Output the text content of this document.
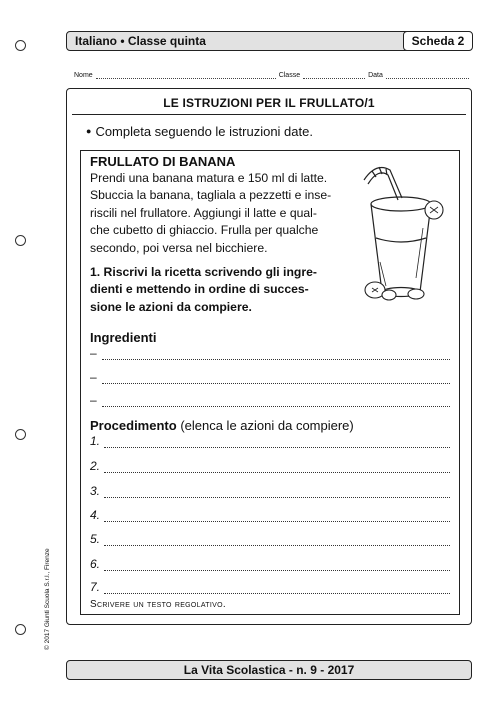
Italiano • Classe quinta	Scheda 2
Nome	Classe	Data
LE ISTRUZIONI PER IL FRULLATO/1
● Completa seguendo le istruzioni date.
FRULLATO DI BANANA
Prendi una banana matura e 150 ml di latte.
Sbuccia la banana, tagliala a pezzetti e inse-
riscili nel frullatore. Aggiungi il latte e qual-
che cubetto di ghiaccio. Frulla per qualche
secondo, poi versa nel bicchiere.
1. Riscrivi la ricetta scrivendo gli ingre-
dienti e mettendo in ordine di succes-
sione le azioni da compiere.
Ingredienti
–
–
–
Procedimento (elenca le azioni da compiere)
1.
2.
3.
4.
5.
6.
7.
Scrivere un testo regolativo.
La Vita Scolastica - n. 9 - 2017
© 2017 Giunti Scuola S.r.l., Firenze
